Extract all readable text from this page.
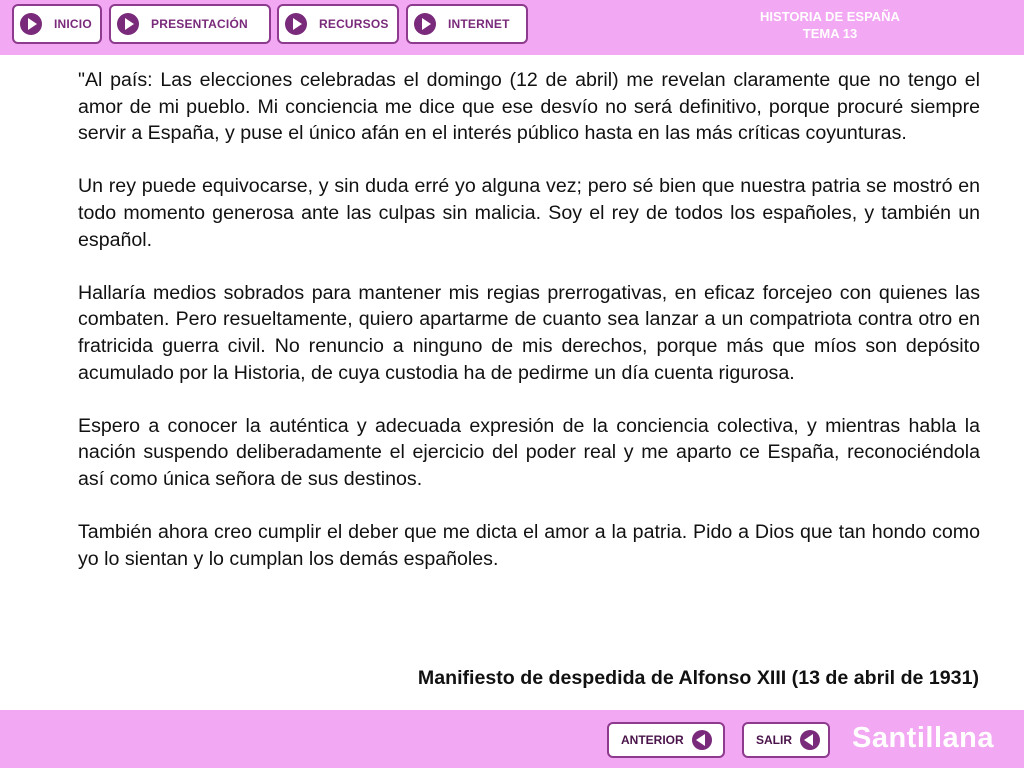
INICIO	PRESENTACIÓN	RECURSOS	INTERNET	HISTORIA DE ESPAÑA
TEMA 13

"Al país: Las elecciones celebradas el domingo (12 de abril) me revelan claramente que no tengo el amor de mi pueblo. Mi conciencia me dice que ese desvío no será definitivo, porque procuré siempre servir a España, y puse el único afán en el interés público hasta en las más críticas coyunturas.

Un rey puede equivocarse, y sin duda erré yo alguna vez; pero sé bien que nuestra patria se mostró en todo momento generosa ante las culpas sin malicia. Soy el rey de todos los españoles, y también un español.

Hallaría medios sobrados para mantener mis regias prerrogativas, en eficaz forcejeo con quienes las combaten. Pero resueltamente, quiero apartarme de cuanto sea lanzar a un compatriota contra otro en fratricida guerra civil. No renuncio a ninguno de mis derechos, porque más que míos son depósito acumulado por la Historia, de cuya custodia ha de pedirme un día cuenta rigurosa.

Espero a conocer la auténtica y adecuada expresión de la conciencia colectiva, y mientras habla la nación suspendo deliberadamente el ejercicio del poder real y me aparto ce España, reconociéndola así como única señora de sus destinos.

También ahora creo cumplir el deber que me dicta el amor a la patria. Pido a Dios que tan hondo como yo lo sientan y lo cumplan los demás españoles.

Manifiesto de despedida de Alfonso XIII (13 de abril de 1931)
ANTERIOR	SALIR Santillana
